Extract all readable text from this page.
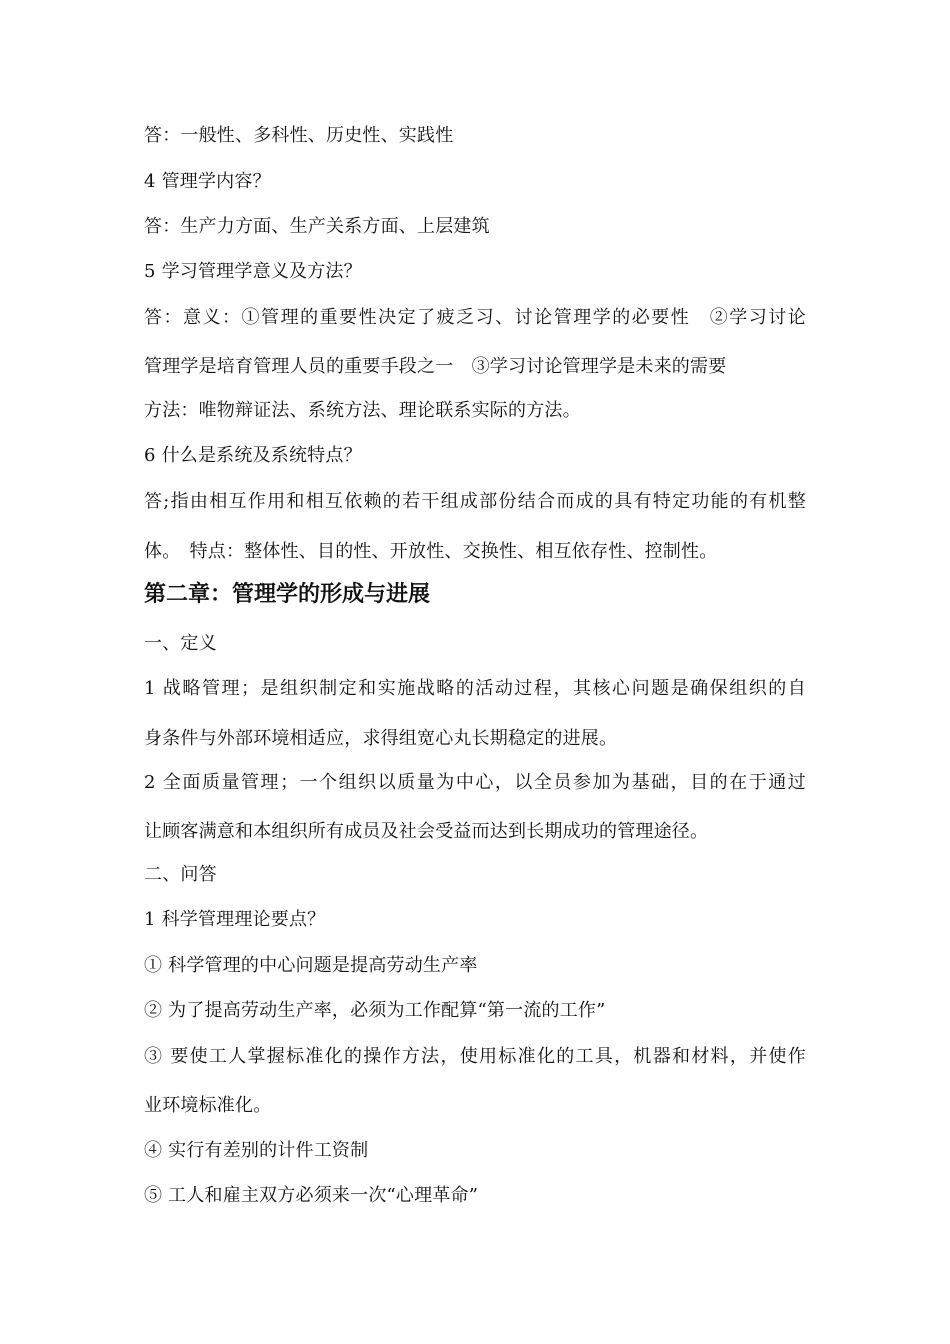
答：一般性、多科性、历史性、实践性
4 管理学内容？
答：生产力方面、生产关系方面、上层建筑
5 学习管理学意义及方法？
答：意义：①管理的重要性决定了疲乏习、讨论管理学的必要性　②学习讨论
管理学是培育管理人员的重要手段之一　③学习讨论管理学是未来的需要
方法：唯物辩证法、系统方法、理论联系实际的方法。
6 什么是系统及系统特点？
答;指由相互作用和相互依赖的若干组成部份结合而成的具有特定功能的有机整
体。　特点：整体性、目的性、开放性、交换性、相互依存性、控制性。
第二章：管理学的形成与进展
一、定义
1 战略管理；是组织制定和实施战略的活动过程，其核心问题是确保组织的自
身条件与外部环境相适应，求得组宽心丸长期稳定的进展。
2 全面质量管理；一个组织以质量为中心，以全员参加为基础，目的在于通过
让顾客满意和本组织所有成员及社会受益而达到长期成功的管理途径。
二、问答
1 科学管理理论要点？
① 科学管理的中心问题是提高劳动生产率
② 为了提高劳动生产率，必须为工作配算“第一流的工作”
③ 要使工人掌握标准化的操作方法，使用标准化的工具，机器和材料，并使作
业环境标准化。
④ 实行有差别的计件工资制
⑤ 工人和雇主双方必须来一次“心理革命”
